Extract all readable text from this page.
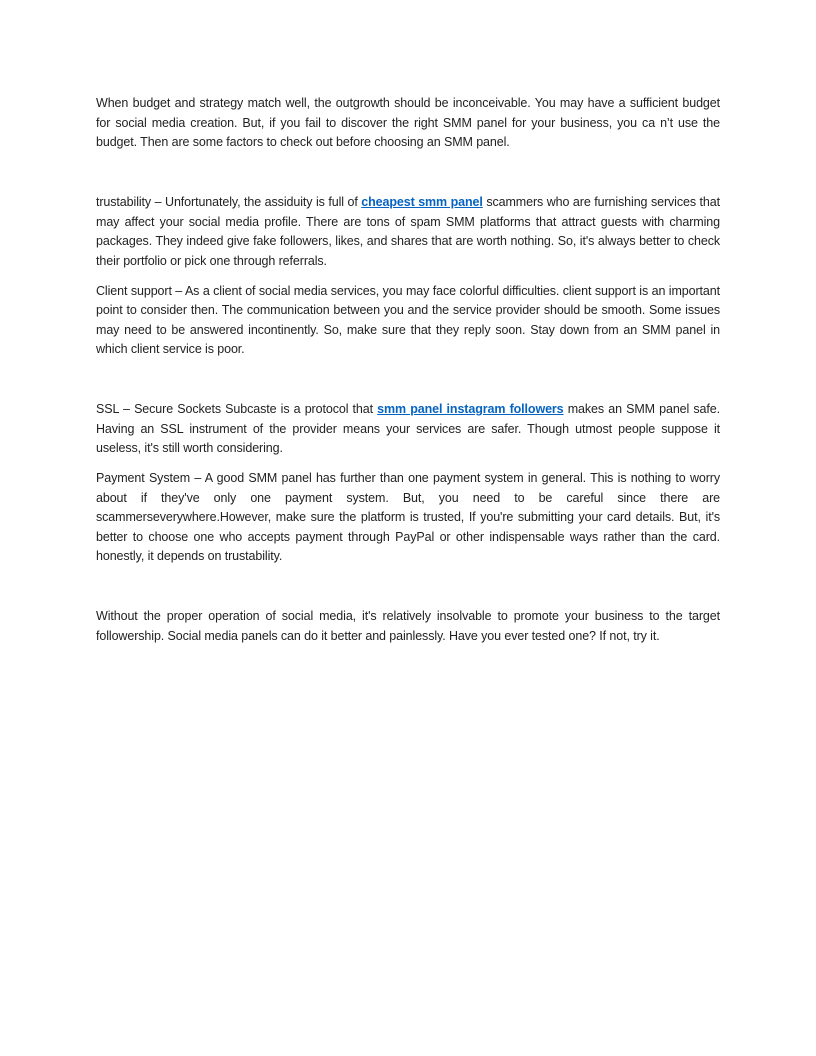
When budget and strategy match well, the outgrowth should be inconceivable. You may have a sufficient budget for social media creation. But, if you fail to discover the right SMM panel for your business, you ca n’t use the budget. Then are some factors to check out before choosing an SMM panel.

trustability – Unfortunately, the assiduity is full of cheapest smm panel scammers who are furnishing services that may affect your social media profile. There are tons of spam SMM platforms that attract guests with charming packages. They indeed give fake followers, likes, and shares that are worth nothing. So, it's always better to check their portfolio or pick one through referrals.

Client support – As a client of social media services, you may face colorful difficulties. client support is an important point to consider then. The communication between you and the service provider should be smooth. Some issues may need to be answered incontinently. So, make sure that they reply soon. Stay down from an SMM panel in which client service is poor.

SSL – Secure Sockets Subcaste is a protocol that smm panel instagram followers makes an SMM panel safe. Having an SSL instrument of the provider means your services are safer. Though utmost people suppose it useless, it's still worth considering.

Payment System – A good SMM panel has further than one payment system in general. This is nothing to worry about if they've only one payment system. But, you need to be careful since there are scammerseverywhere.However, make sure the platform is trusted, If you're submitting your card details. But, it's better to choose one who accepts payment through PayPal or other indispensable ways rather than the card. honestly, it depends on trustability.

Without the proper operation of social media, it's relatively insolvable to promote your business to the target followership. Social media panels can do it better and painlessly. Have you ever tested one? If not, try it.
